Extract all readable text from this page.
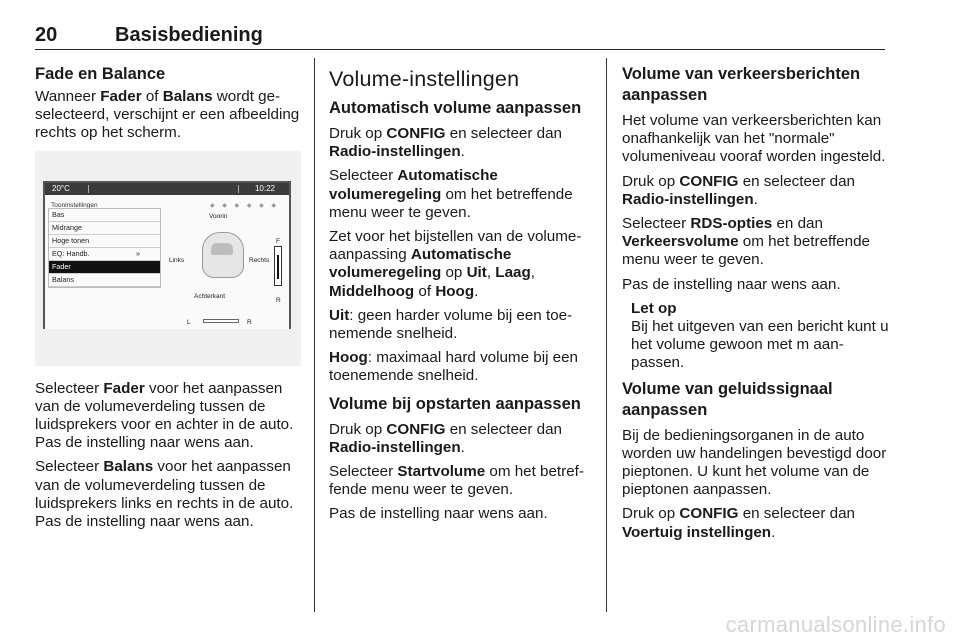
20	Basisbediening
Fade en Balance

Wanneer Fader of Balans wordt geselecteerd, verschijnt er een afbeelding rechts op het scherm.

20°C	10:22
Tooninstellingen	◆ ◆ ◆ ◆ ◆ ◆
Bas
Midrange
Hoge tonen
EQ: Handb.	»
Fader
Balans
Voorin
Links	Rechts
Achterkant
F
R
L	R

Selecteer Fader voor het aanpassen van de volumeverdeling tussen de luidsprekers voor en achter in de auto. Pas de instelling naar wens aan.

Selecteer Balans voor het aanpassen van de volumeverdeling tussen de luidsprekers links en rechts in de auto. Pas de instelling naar wens aan.

Volume-instellingen
Automatisch volume aanpassen

Druk op CONFIG en selecteer dan Radio-instellingen.

Selecteer Automatische volumeregeling om het betreffende menu weer te geven.

Zet voor het bijstellen van de volumeaanpassing Automatische volumeregeling op Uit, Laag, Middelhoog of Hoog.

Uit: geen harder volume bij een toenemende snelheid.

Hoog: maximaal hard volume bij een toenemende snelheid.

Volume bij opstarten aanpassen

Druk op CONFIG en selecteer dan Radio-instellingen.

Selecteer Startvolume om het betreffende menu weer te geven.

Pas de instelling naar wens aan.

Volume van verkeersberichten aanpassen

Het volume van verkeersberichten kan onafhankelijk van het "normale" volumeniveau vooraf worden ingesteld.

Druk op CONFIG en selecteer dan Radio-instellingen.

Selecteer RDS-opties en dan Verkeersvolume om het betreffende menu weer te geven.

Pas de instelling naar wens aan.

Let op
Bij het uitgeven van een bericht kunt u het volume gewoon met m aanpassen.
Volume van geluidssignaal aanpassen

Bij de bedieningsorganen in de auto worden uw handelingen bevestigd door pieptonen. U kunt het volume van de pieptonen aanpassen.

Druk op CONFIG en selecteer dan Voertuig instellingen.

carmanualsonline.info
